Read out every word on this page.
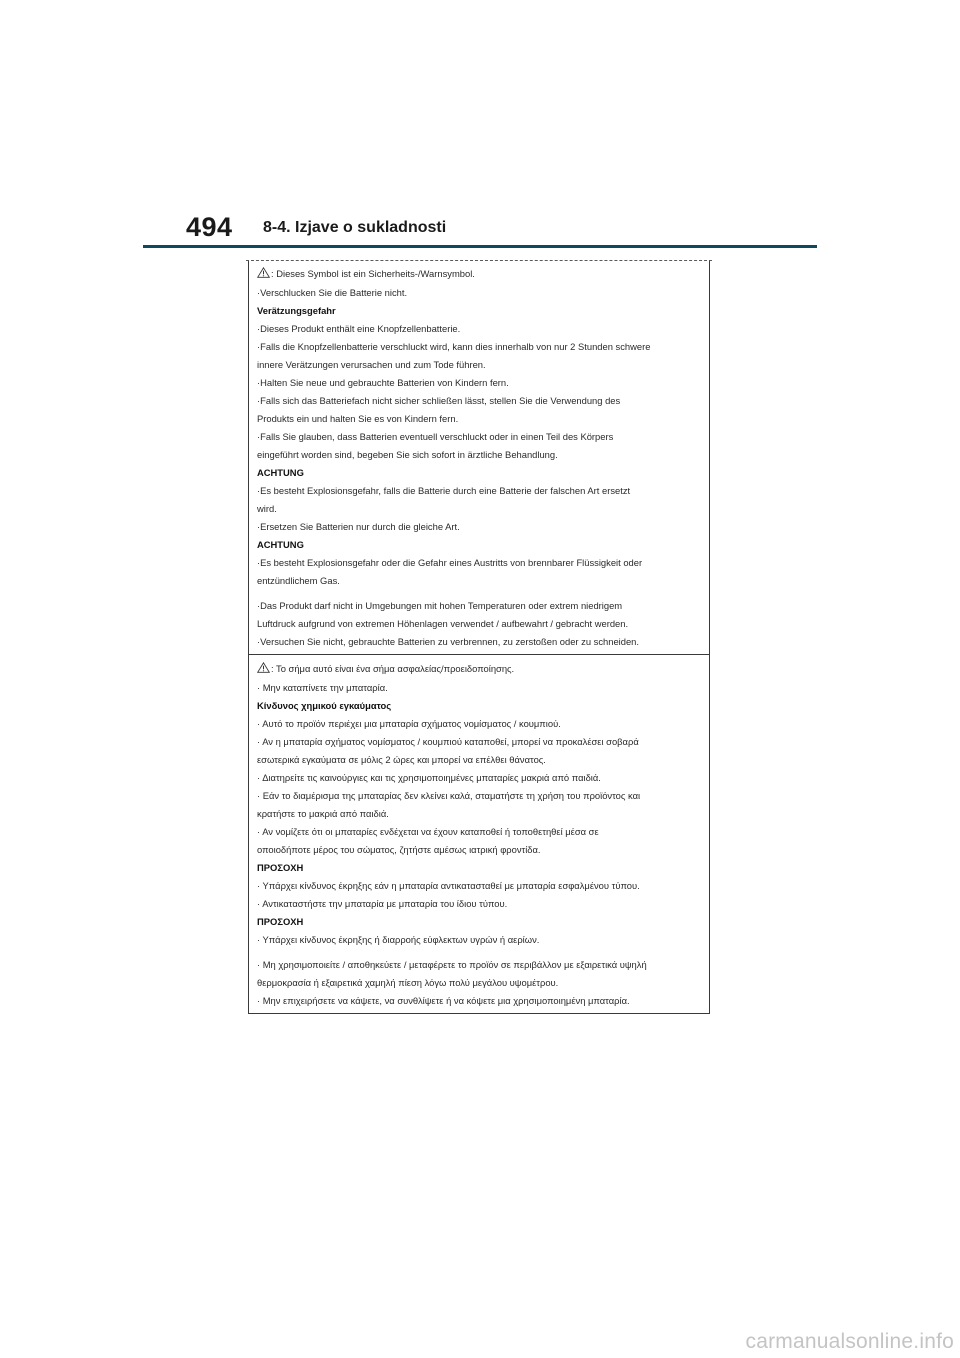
494 8-4. Izjave o sukladnosti
: Dieses Symbol ist ein Sicherheits-/Warnsymbol.
·Verschlucken Sie die Batterie nicht.
Verätzungsgefahr
·Dieses Produkt enthält eine Knopfzellenbatterie.
·Falls die Knopfzellenbatterie verschluckt wird, kann dies innerhalb von nur 2 Stunden schwere
innere Verätzungen verursachen und zum Tode führen.
·Halten Sie neue und gebrauchte Batterien von Kindern fern.
·Falls sich das Batteriefach nicht sicher schließen lässt, stellen Sie die Verwendung des
Produkts ein und halten Sie es von Kindern fern.
·Falls Sie glauben, dass Batterien eventuell verschluckt oder in einen Teil des Körpers
eingeführt worden sind, begeben Sie sich sofort in ärztliche Behandlung.
ACHTUNG
·Es besteht Explosionsgefahr, falls die Batterie durch eine Batterie der falschen Art ersetzt
wird.
·Ersetzen Sie Batterien nur durch die gleiche Art.
ACHTUNG
·Es besteht Explosionsgefahr oder die Gefahr eines Austritts von brennbarer Flüssigkeit oder
entzündlichem Gas.
·Das Produkt darf nicht in Umgebungen mit hohen Temperaturen oder extrem niedrigem
Luftdruck aufgrund von extremen Höhenlagen verwendet / aufbewahrt / gebracht werden.
·Versuchen Sie nicht, gebrauchte Batterien zu verbrennen, zu zerstoßen oder zu schneiden.
: Το σήμα αυτό είναι ένα σήμα ασφαλείας/προειδοποίησης.
· Μην καταπίνετε την μπαταρία.
Κίνδυνος χημικού εγκαύματος
· Αυτό το προϊόν περιέχει μια μπαταρία σχήματος νομίσματος / κουμπιού.
· Αν η μπαταρία σχήματος νομίσματος / κουμπιού καταποθεί, μπορεί να προκαλέσει σοβαρά
εσωτερικά εγκαύματα σε μόλις 2 ώρες και μπορεί να επέλθει θάνατος.
· Διατηρείτε τις καινούργιες και τις χρησιμοποιημένες μπαταρίες μακριά από παιδιά.
· Εάν το διαμέρισμα της μπαταρίας δεν κλείνει καλά, σταματήστε τη χρήση του προϊόντος και
κρατήστε το μακριά από παιδιά.
· Αν νομίζετε ότι οι μπαταρίες ενδέχεται να έχουν καταποθεί ή τοποθετηθεί μέσα σε
οποιοδήποτε μέρος του σώματος, ζητήστε αμέσως ιατρική φροντίδα.
ΠΡΟΣΟΧΗ
· Υπάρχει κίνδυνος έκρηξης εάν η μπαταρία αντικατασταθεί με μπαταρία εσφαλμένου τύπου.
· Αντικαταστήστε την μπαταρία με μπαταρία του ίδιου τύπου.
ΠΡΟΣΟΧΗ
· Υπάρχει κίνδυνος έκρηξης ή διαρροής εύφλεκτων υγρών ή αερίων.
· Μη χρησιμοποιείτε / αποθηκεύετε / μεταφέρετε το προϊόν σε περιβάλλον με εξαιρετικά υψηλή
θερμοκρασία ή εξαιρετικά χαμηλή πίεση λόγω πολύ μεγάλου υψομέτρου.
· Μην επιχειρήσετε να κάψετε, να συνθλίψετε ή να κόψετε μια χρησιμοποιημένη μπαταρία.
carmanualsonline.info
